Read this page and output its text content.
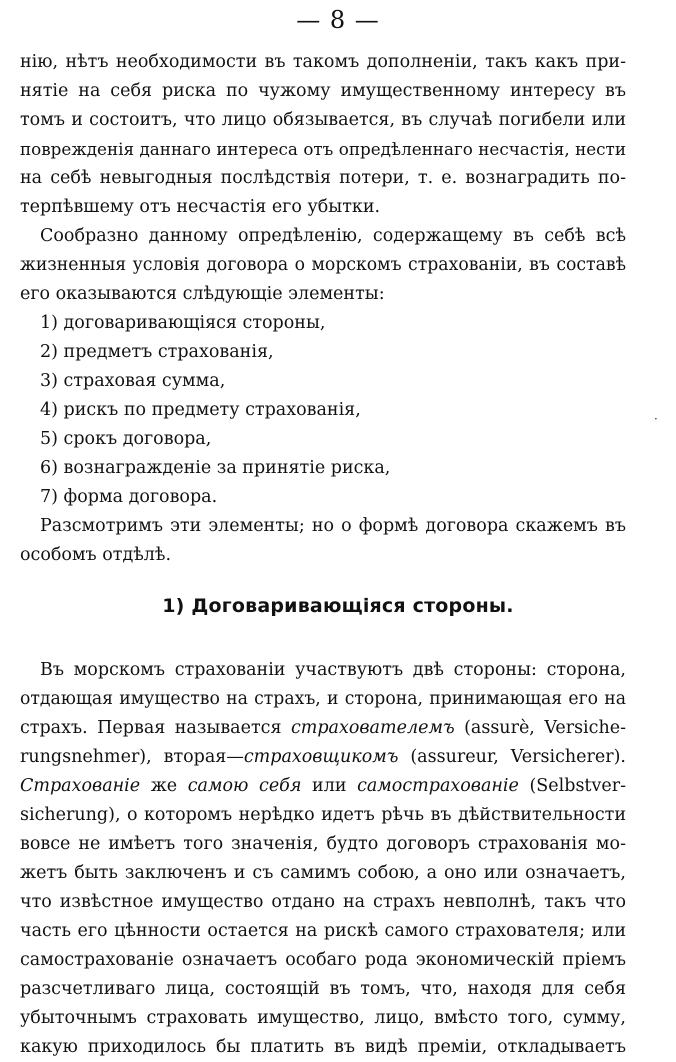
— 8 —
нію, нѣтъ необходимости въ такомъ дополненіи, такъ какъ при-
нятіе на себя риска по чужому имущественному интересу въ
томъ и состоитъ, что лицо обязывается, въ случаѣ погибели или
поврежденія даннаго интереса отъ опредѣленнаго несчастія, нести
на себѣ невыгодныя послѣдствія потери, т. е. вознаградить по-
терпѣвшему отъ несчастія его убытки.
Сообразно данному опредѣленію, содержащему въ себѣ всѣ
жизненныя условія договора о морскомъ страхованіи, въ составѣ
его оказываются слѣдующіе элементы:
1) договаривающіяся стороны,
2) предметъ страхованія,
3) страховая сумма,
4) рискъ по предмету страхованія,
5) срокъ договора,
6) вознагражденіе за принятіе риска,
7) форма договора.
Разсмотримъ эти элементы; но о формѣ договора скажемъ въ
особомъ отдѣлѣ.
·
1) Договаривающіяся стороны.
Въ морскомъ страхованіи участвуютъ двѣ стороны: сторона,
отдающая имущество на страхъ, и сторона, принимающая его на
страхъ. Первая называется страхователемъ (assurè, Versiche-
rungsnehmer), вторая—страховщикомъ (assureur, Versicherer).
Страхованіе же самою себя или самострахованіе (Selbstver-
sicherung), о которомъ нерѣдко идетъ рѣчь въ дѣйствительности
вовсе не имѣетъ того значенія, будто договоръ страхованія мо-
жетъ быть заключенъ и съ самимъ собою, а оно или означаетъ,
что извѣстное имущество отдано на страхъ невполнѣ, такъ что
часть его цѣнности остается на рискѣ самого страхователя; или
самострахованіе означаетъ особаго рода экономическій пріемъ
разсчетливаго лица, состоящій въ томъ, что, находя для себя
убыточнымъ страховать имущество, лицо, вмѣсто того, сумму,
какую приходилось бы платить въ видѣ преміи, откладываетъ
